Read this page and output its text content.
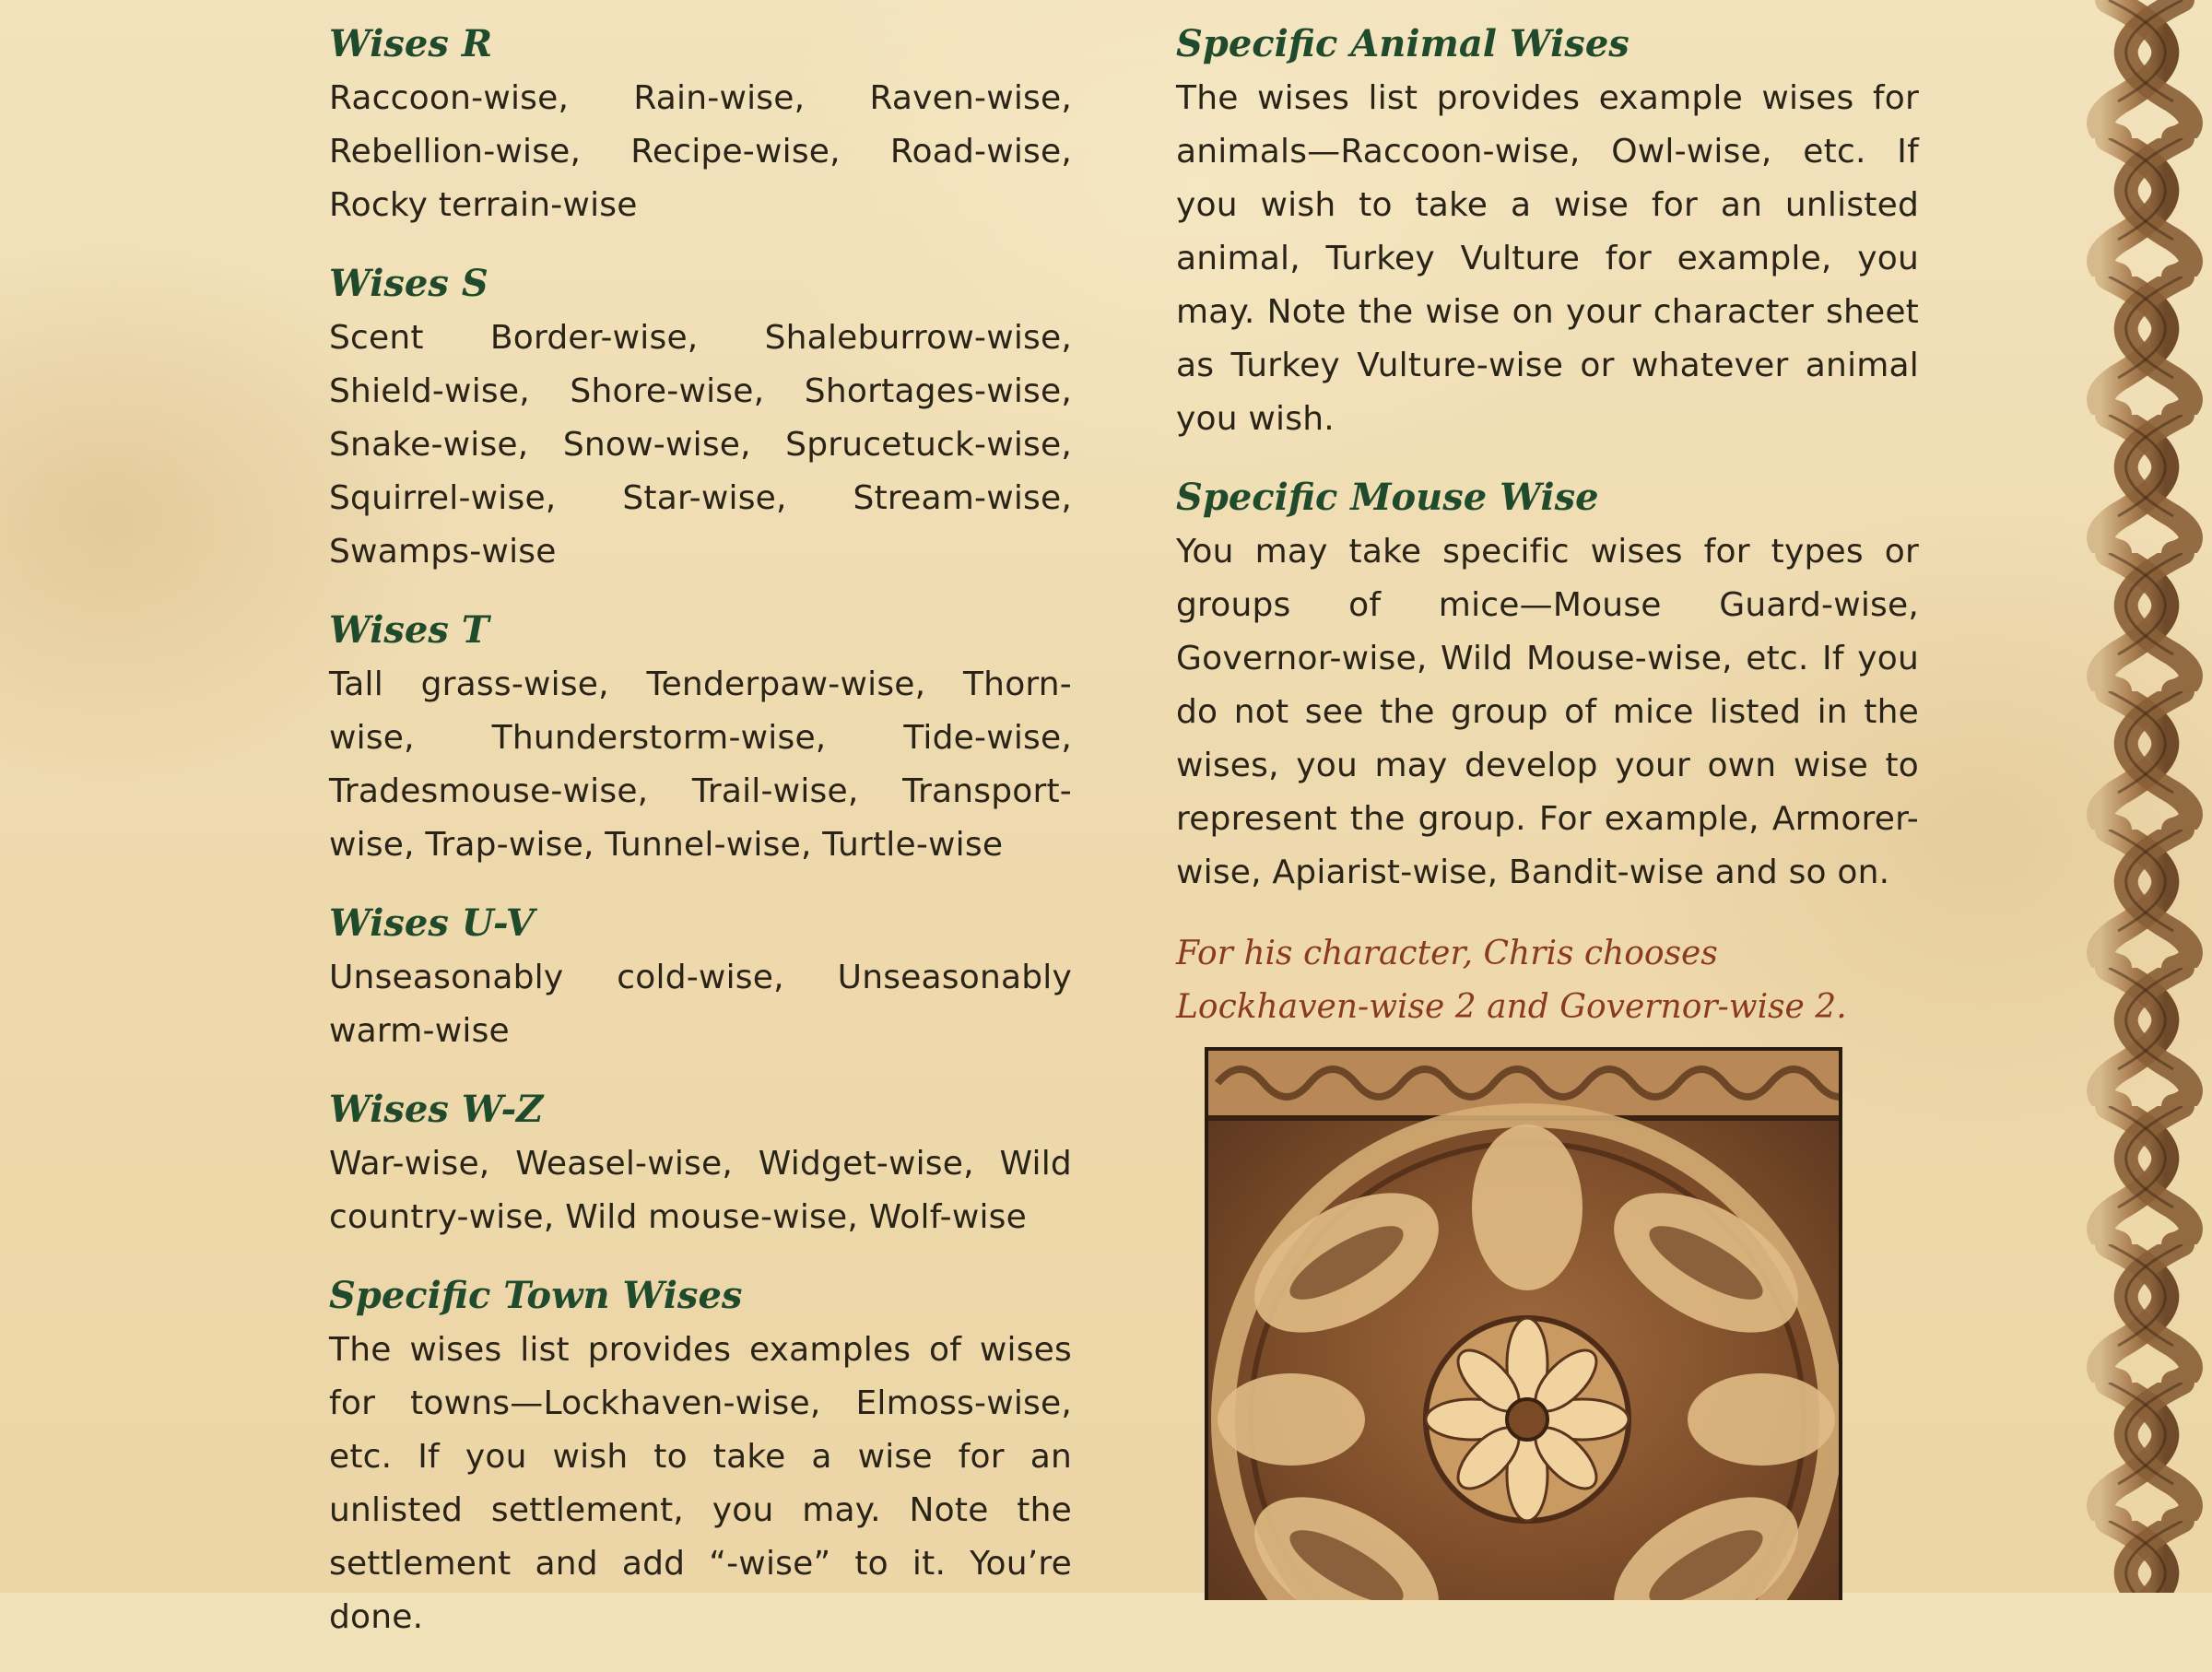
Wises R

Raccoon-wise, Rain-wise, Raven-wise, Rebellion-wise, Recipe-wise, Road-wise, Rocky terrain-wise

Wises S

Scent Border-wise, Shaleburrow-wise, Shield-wise, Shore-wise, Shortages-wise, Snake-wise, Snow-wise, Sprucetuck-wise, Squirrel-wise, Star-wise, Stream-wise, Swamps-wise

Wises T

Tall grass-wise, Tenderpaw-wise, Thorn-wise, Thunderstorm-wise, Tide-wise, Tradesmouse-wise, Trail-wise, Transport-wise, Trap-wise, Tunnel-wise, Turtle-wise

Wises U-V

Unseasonably cold-wise, Unseasonably warm-wise

Wises W-Z

War-wise, Weasel-wise, Widget-wise, Wild country-wise, Wild mouse-wise, Wolf-wise

Specific Town Wises

The wises list provides examples of wises for towns—Lockhaven-wise, Elmoss-wise, etc. If you wish to take a wise for an unlisted settlement, you may. Note the settlement and add “-wise” to it. You’re done.

Specific Animal Wises

The wises list provides example wises for animals—Raccoon-wise, Owl-wise, etc. If you wish to take a wise for an unlisted animal, Turkey Vulture for example, you may. Note the wise on your character sheet as Turkey Vulture-wise or whatever animal you wish.

Specific Mouse Wise

You may take specific wises for types or groups of mice—Mouse Guard-wise, Governor-wise, Wild Mouse-wise, etc. If you do not see the group of mice listed in the wises, you may develop your own wise to represent the group. For example, Armorer-wise, Apiarist-wise, Bandit-wise and so on.

For his character, Chris chooses Lockhaven-wise 2 and Governor-wise 2.
